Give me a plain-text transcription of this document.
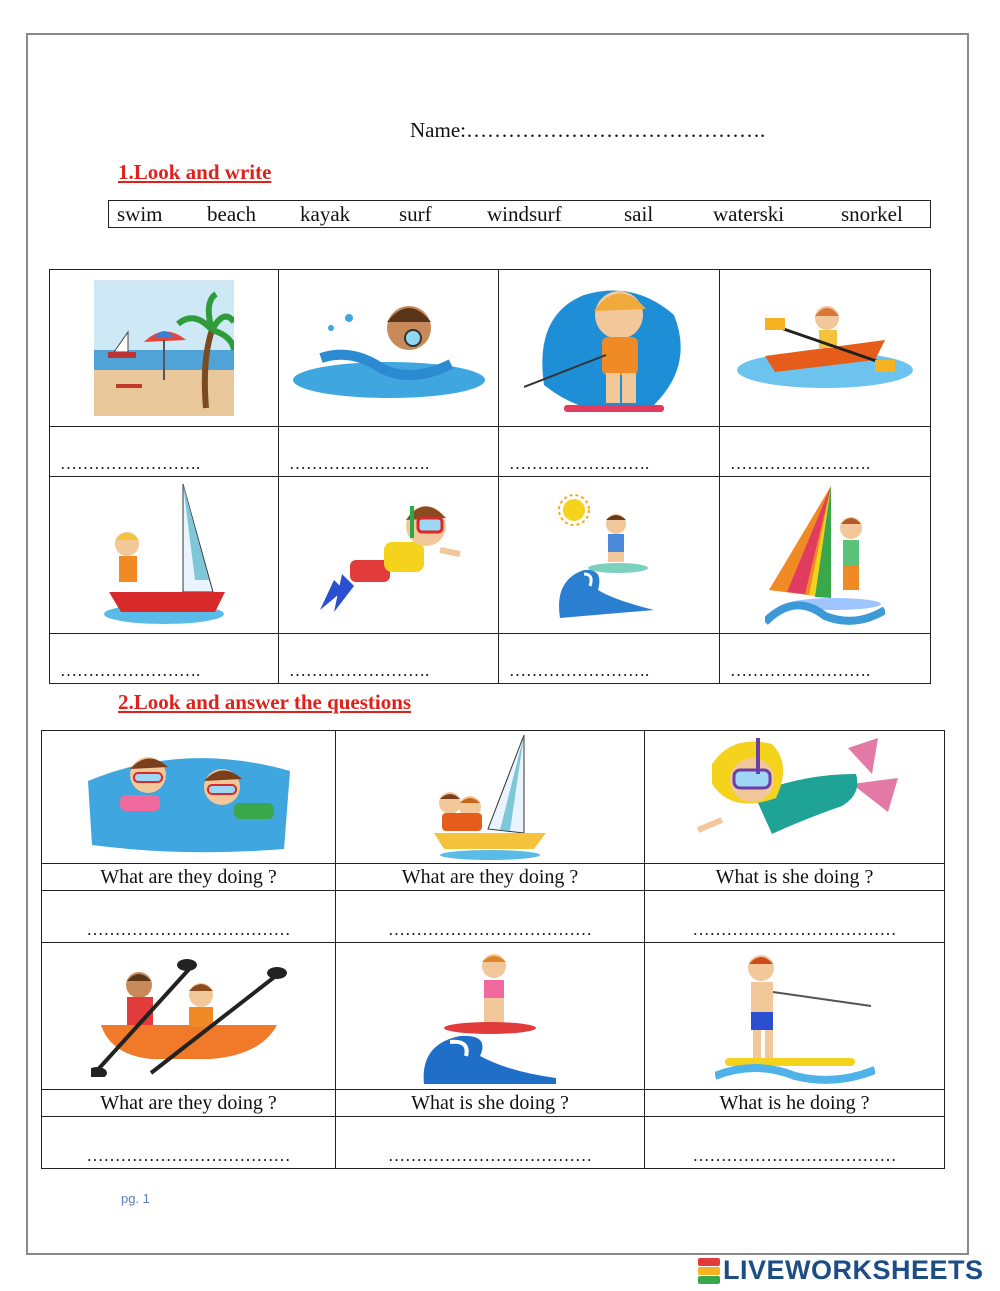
Name:…………………………………….
1.Look and write
swim beach kayak surf	windsurf	sail	waterski	snorkel

…………………….	…………………….	…………………….	…………………….

…………………….	…………………….	…………………….	…………………….
2.Look and answer the questions

What are they doing ?	What are they doing ?	What is she doing ?
………………………………	………………………………	………………………………

What are they doing ?	What is she doing ?	What is he doing ?
………………………………	………………………………	………………………………
pg. 1
LIVEWORKSHEETS
